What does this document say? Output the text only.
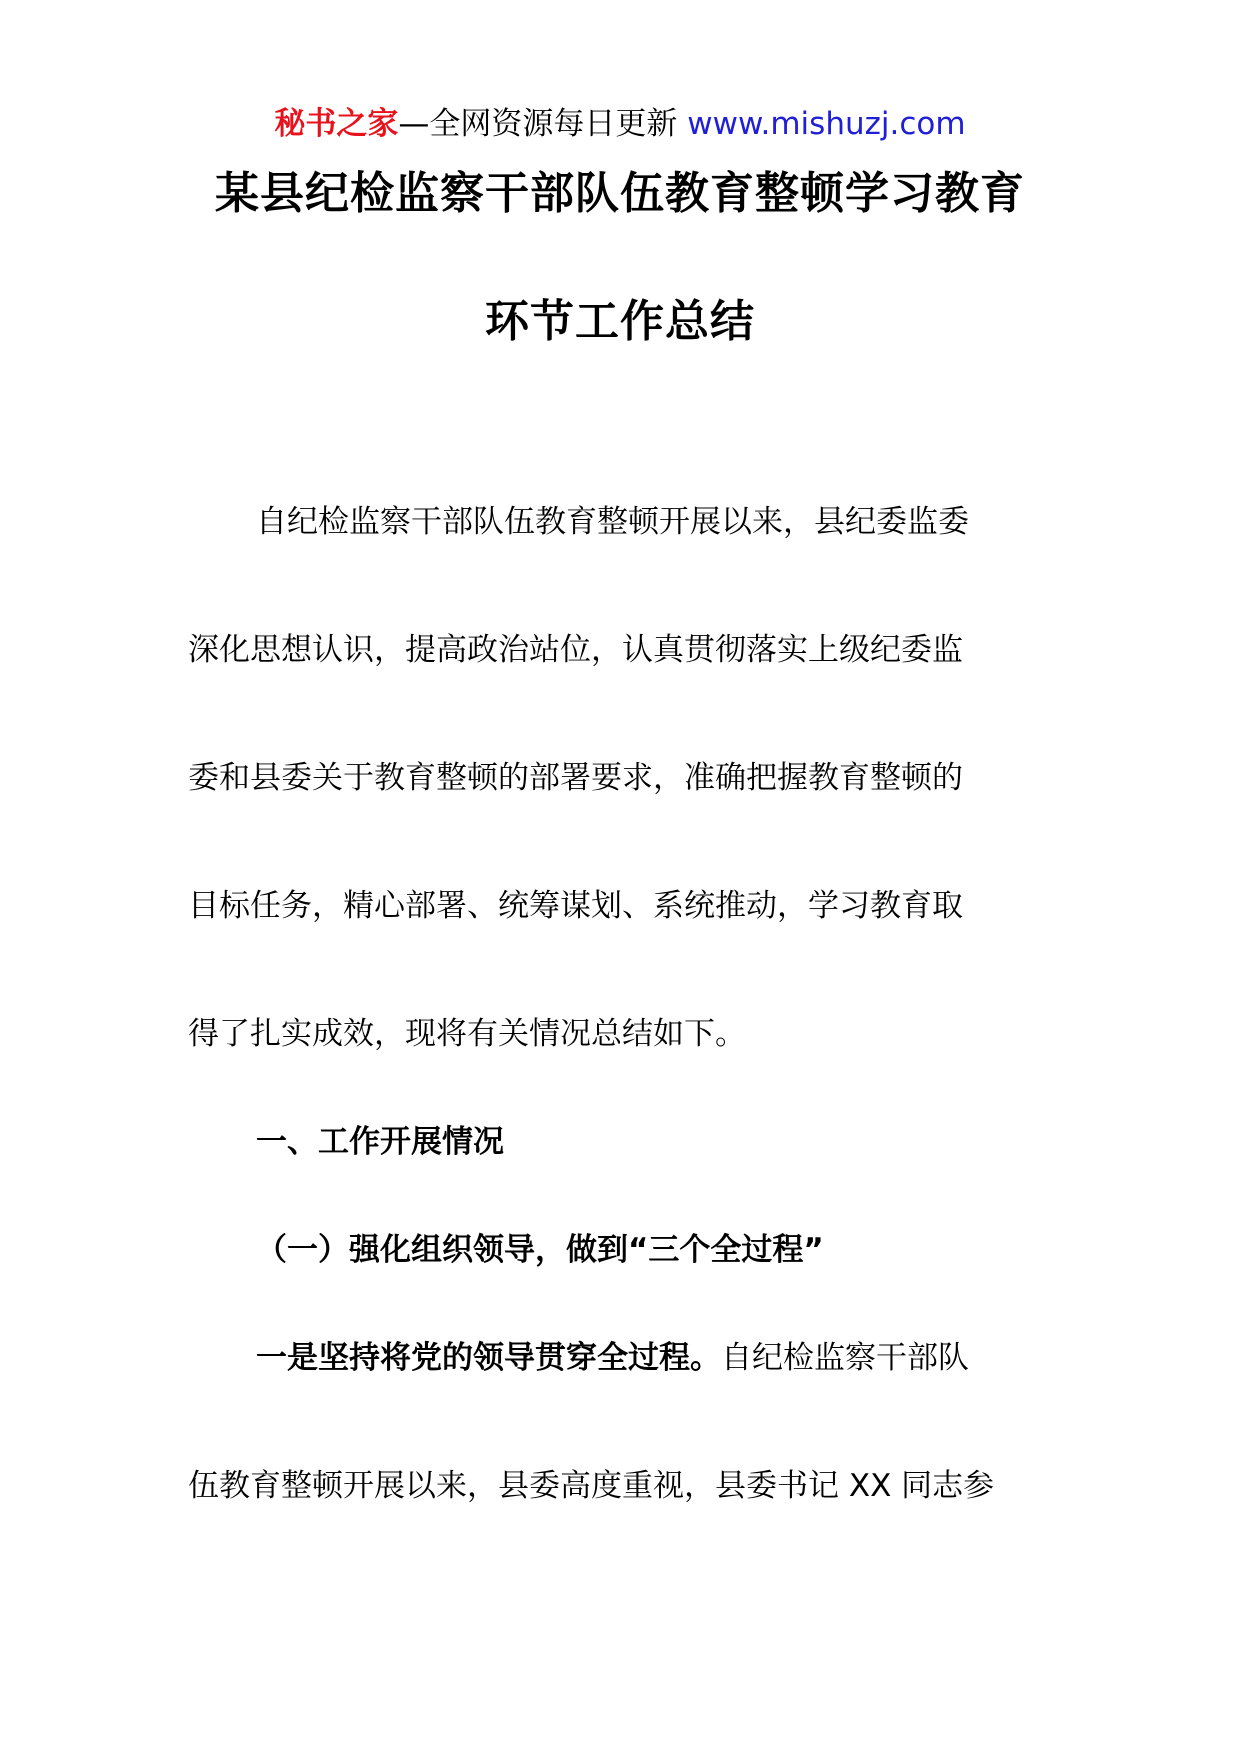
秘书之家—全网资源每日更新 www.mishuzj.com
某县纪检监察干部队伍教育整顿学习教育
环节工作总结
自纪检监察干部队伍教育整顿开展以来，县纪委监委
深化思想认识，提高政治站位，认真贯彻落实上级纪委监
委和县委关于教育整顿的部署要求，准确把握教育整顿的
目标任务，精心部署、统筹谋划、系统推动，学习教育取
得了扎实成效，现将有关情况总结如下。
一、工作开展情况
（一）强化组织领导，做到“三个全过程”
一是坚持将党的领导贯穿全过程。自纪检监察干部队
伍教育整顿开展以来，县委高度重视，县委书记 XX 同志参
